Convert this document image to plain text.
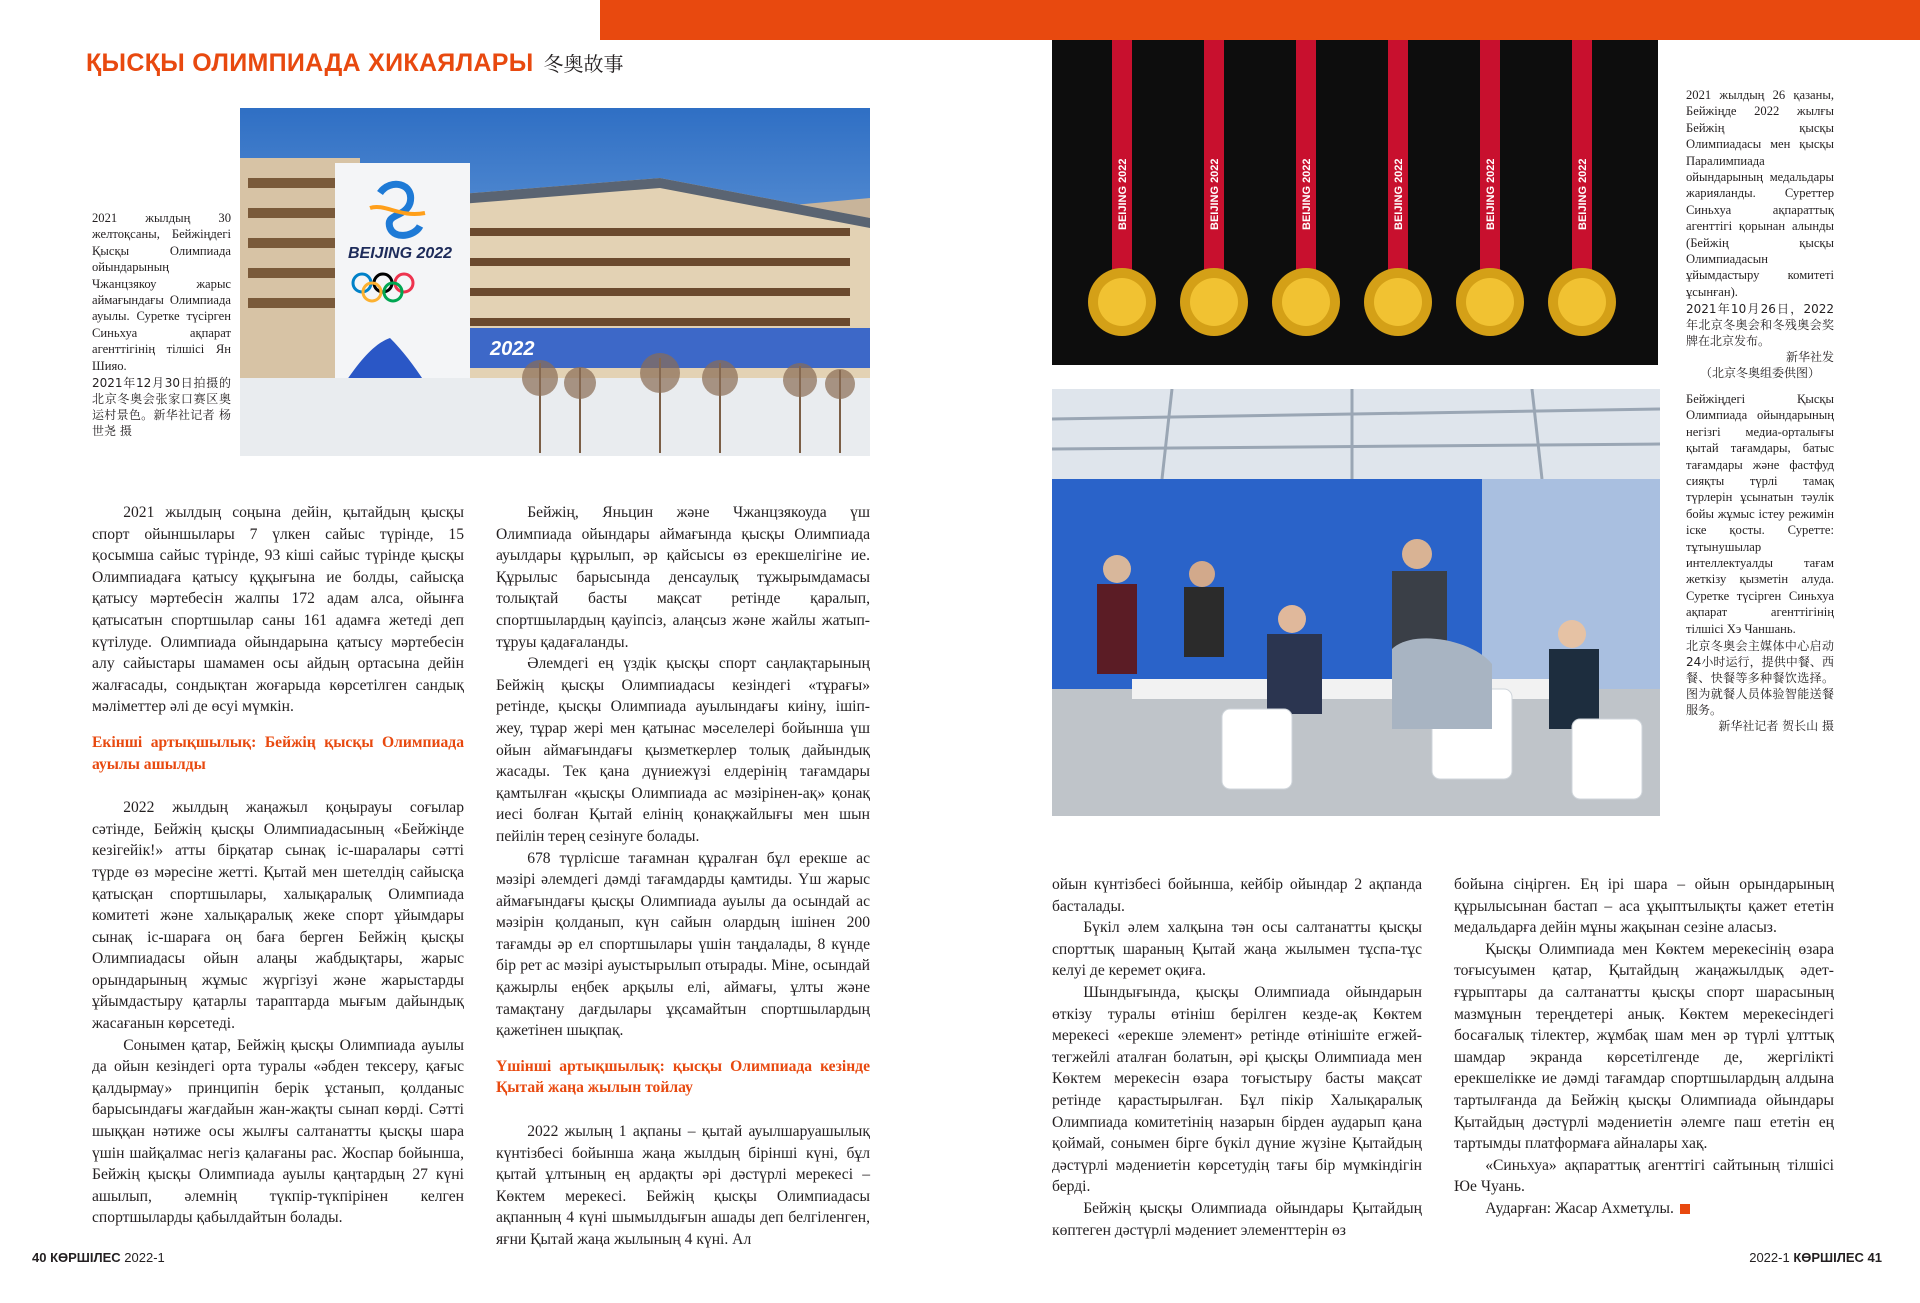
ҚЫСҚЫ ОЛИМПИАДА ХИКАЯЛАРЫ 冬奥故事
BEIJING 2022
2022
2021 жылдың 30 желтоқсаны, Бейжіңдегі Қысқы Олимпиада ойындарының Чжанцзякоу жарыс аймағындағы Олимпиада ауылы. Суретке түсірген Синьхуа ақпарат агенттігінің тілшісі Ян Шияо.
2021年12月30日拍摄的北京冬奥会张家口赛区奥运村景色。新华社记者 杨世尧 摄
BEIJING 2022	BEIJING 2022	BEIJING 2022	BEIJING 2022	BEIJING 2022	BEIJING 2022
2021 жылдың 26 қазаны, Бейжіңде 2022 жылғы Бейжің қысқы Олимпиадасы мен қысқы Паралимпиада ойындарының медальдары жарияланды. Суреттер Синьхуа ақпараттық агенттігі қорынан алынды (Бейжің қысқы Олимпиадасын ұйымдастыру комитеті ұсынған).
2021年10月26日，2022年北京冬奥会和冬残奥会奖牌在北京发布。
新华社发
（北京冬奥组委供图）
Бейжіңдегі Қысқы Олимпиада ойындарының негізгі медиа-орталығы қытай тағамдары, батыс тағамдары және фастфуд сияқты түрлі тамақ түрлерін ұсынатын тәулік бойы жұмыс істеу режимін іске қосты. Суретте: тұтынушылар интеллектуалды тағам жеткізу қызметін алуда. Суретке түсірген Синьхуа ақпарат агенттігінің тілшісі Хэ Чаншань.
北京冬奥会主媒体中心启动24小时运行，提供中餐、西餐、快餐等多种餐饮选择。图为就餐人员体验智能送餐服务。
新华社记者 贺长山 摄

2021 жылдың соңына дейін, қытайдың қысқы спорт ойыншылары 7 үлкен сайыс түрінде, 15 қосымша сайыс түрінде, 93 кіші сайыс түрінде қысқы Олимпиадаға қатысу құқығына ие болды, сайысқа қатысу мәртебесін жалпы 172 адам алса, ойынға қатысатын спортшылар саны 161 адамға жетеді деп күтілуде. Олимпиада ойындарына қатысу мәртебесін алу сайыстары шамамен осы айдың ортасына дейін жалғасады, сондықтан жоғарыда көрсетілген сандық мәліметтер әлі де өсуі мүмкін.

Екінші артықшылық: Бейжің қысқы Олимпиада ауылы ашылды

2022 жылдың жаңажыл қоңырауы соғылар сәтінде, Бейжің қысқы Олимпиадасының «Бейжіңде кезігейік!» атты бірқатар сынақ іс-шаралары сәтті түрде өз мәресіне жетті. Қытай мен шетелдің сайысқа қатысқан спортшылары, халықаралық Олимпиада комитеті және халықаралық жеке спорт ұйымдары сынақ іс-шараға оң баға берген Бейжің қысқы Олимпиадасы ойын алаңы жабдықтары, жарыс орындарының жұмыс жүргізуі және жарыстарды ұйымдастыру қатарлы тараптарда мығым дайындық жасағанын көрсетеді.

Сонымен қатар, Бейжің қысқы Олимпиада ауылы да ойын кезіндегі орта туралы «әбден тексеру, қағыс қалдырмау» принципін берік ұстанып, қолданыс барысындағы жағдайын жан-жақты сынап көрді. Сәтті шыққан нәтиже осы жылғы салтанатты қысқы шара үшін шайқалмас негіз қалағаны рас. Жоспар бойынша, Бейжің қысқы Олимпиада ауылы қаңтардың 27 күні ашылып, әлемнің түкпір-түкпірінен келген спортшыларды қабылдайтын болады.

Бейжің, Яньцин және Чжанцзякоуда үш Олимпиада ойындары аймағында қысқы Олимпиада ауылдары құрылып, әр қайсысы өз ерекшелігіне ие. Құрылыс барысында денсаулық тұжырымдамасы толықтай басты мақсат ретінде қаралып, спортшылардың қауіпсіз, алаңсыз және жайлы жатып-тұруы қадағаланды.

Әлемдегі ең үздік қысқы спорт саңлақтарының Бейжің қысқы Олимпиадасы кезіндегі «тұрағы» ретінде, қысқы Олимпиада ауылындағы киіну, ішіп-жеу, тұрар жері мен қатынас мәселелері бойынша үш ойын аймағындағы қызметкерлер толық дайындық жасады. Тек қана дүниежүзі елдерінің тағамдары қамтылған «қысқы Олимпиада ас мәзірінен-ақ» қонақ иесі болған Қытай елінің қонақжайлығы мен шын пейілін терең сезінуге болады.

678 түрлісше тағамнан құралған бұл ерекше ас мәзірі әлемдегі дәмді тағамдарды қамтиды. Үш жарыс аймағындағы қысқы Олимпиада ауылы да осындай ас мәзірін қолданып, күн сайын олардың ішінен 200 тағамды әр ел спортшылары үшін таңдалады, 8 күнде бір рет ас мәзірі ауыстырылып отырады. Міне, осындай қажырлы еңбек арқылы елі, аймағы, ұлты және тамақтану дағдылары ұқсамайтын спортшылардың қажетінен шықпақ.

Үшінші артықшылық: қысқы Олимпиада кезінде Қытай жаңа жылын тойлау

2022 жылың 1 ақпаны – қытай ауылшаруашылық күнтізбесі бойынша жаңа жылдың бірінші күні, бұл қытай ұлтының ең ардақты әрі дәстүрлі мерекесі – Көктем мерекесі. Бейжің қысқы Олимпиадасы ақпанның 4 күні шымылдығын ашады деп белгіленген, яғни Қытай жаңа жылының 4 күні. Ал

ойын күнтізбесі бойынша, кейбір ойындар 2 ақпанда басталады.

Бүкіл әлем халқына тән осы салтанатты қысқы спорттық шараның Қытай жаңа жылымен тұспа-тұс келуі де керемет оқиға.

Шындығында, қысқы Олимпиада ойындарын өткізу туралы өтініш берілген кезде-ақ Көктем мерекесі «ерекше элемент» ретінде өтінішіте егжей-тегжейлі аталған болатын, әрі қысқы Олимпиада мен Көктем мерекесін өзара тоғыстыру басты мақсат ретінде қарастырылған. Бұл пікір Халықаралық Олимпиада комитетінің назарын бірден аударып қана қоймай, сонымен бірге бүкіл дүние жүзіне Қытайдың дәстүрлі мәдениетін көрсетудің тағы бір мүмкіндігін берді.

Бейжің қысқы Олимпиада ойындары Қытайдың көптеген дәстүрлі мәдениет элементтерін өз

бойына сіңірген. Ең ірі шара – ойын орындарының құрылысынан бастап – аса ұқыптылықты қажет ететін медальдарға дейін мұны жақынан сезіне аласыз.

Қысқы Олимпиада мен Көктем мерекесінің өзара тоғысуымен қатар, Қытайдың жаңажылдық әдет-ғұрыптары да салтанатты қысқы спорт шарасының мазмұнын тереңдетері анық. Көктем мерекесіндегі босағалық тілектер, жұмбақ шам мен әр түрлі ұлттық шамдар экранда көрсетілгенде де, жергілікті ерекшелікке ие дәмді тағамдар спортшылардың алдына тартылғанда да Бейжің қысқы Олимпиада ойындары Қытайдың дәстүрлі мәдениетін әлемге паш ететін ең тартымды платформаға айналары хақ.

«Синьхуа» ақпараттық агенттігі сайтының тілшісі Юе Чуань.

Аударған: Жасар Ахметұлы.

40 КӨРШІЛЕС 2022-1	2022-1 КӨРШІЛЕС 41
